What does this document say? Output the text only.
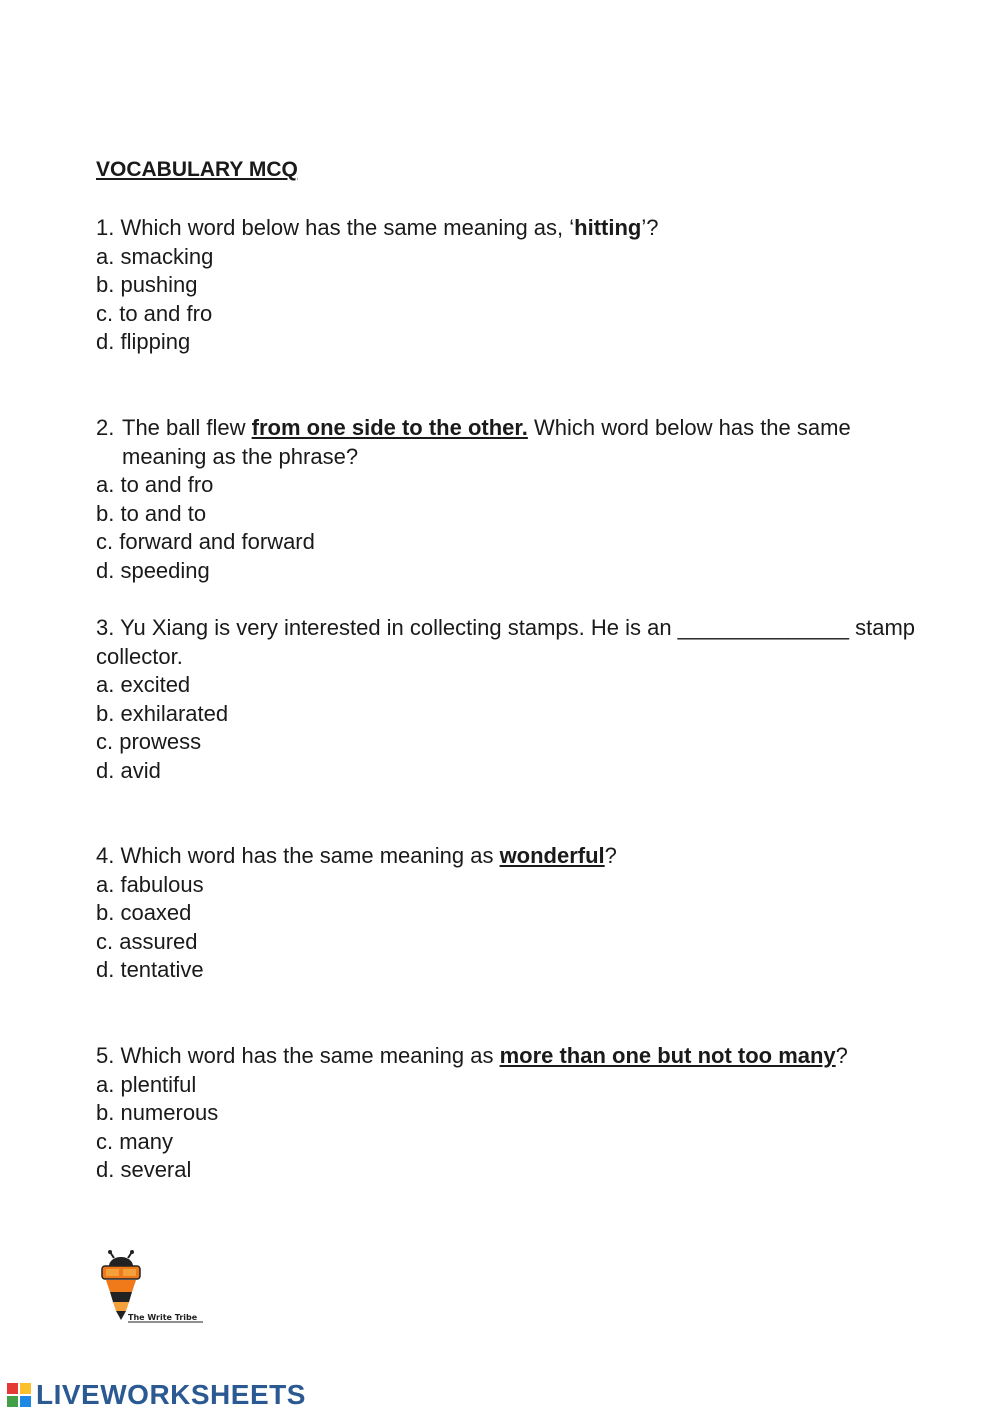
VOCABULARY MCQ

1. Which word below has the same meaning as, ‘hitting’?

a. smacking
b. pushing
c. to and fro
d. flipping

2. The ball flew from one side to the other. Which word below has the same meaning as the phrase?

a. to and fro
b. to and to
c. forward and forward
d. speeding

3. Yu Xiang is very interested in collecting stamps. He is an ______________ stamp collector.

a. excited
b. exhilarated
c. prowess
d. avid

4. Which word has the same meaning as wonderful?

a. fabulous
b. coaxed
c. assured
d. tentative

5. Which word has the same meaning as more than one but not too many?

a. plentiful
b. numerous
c. many
d. several
The Write Tribe
LIVEWORKSHEETS
